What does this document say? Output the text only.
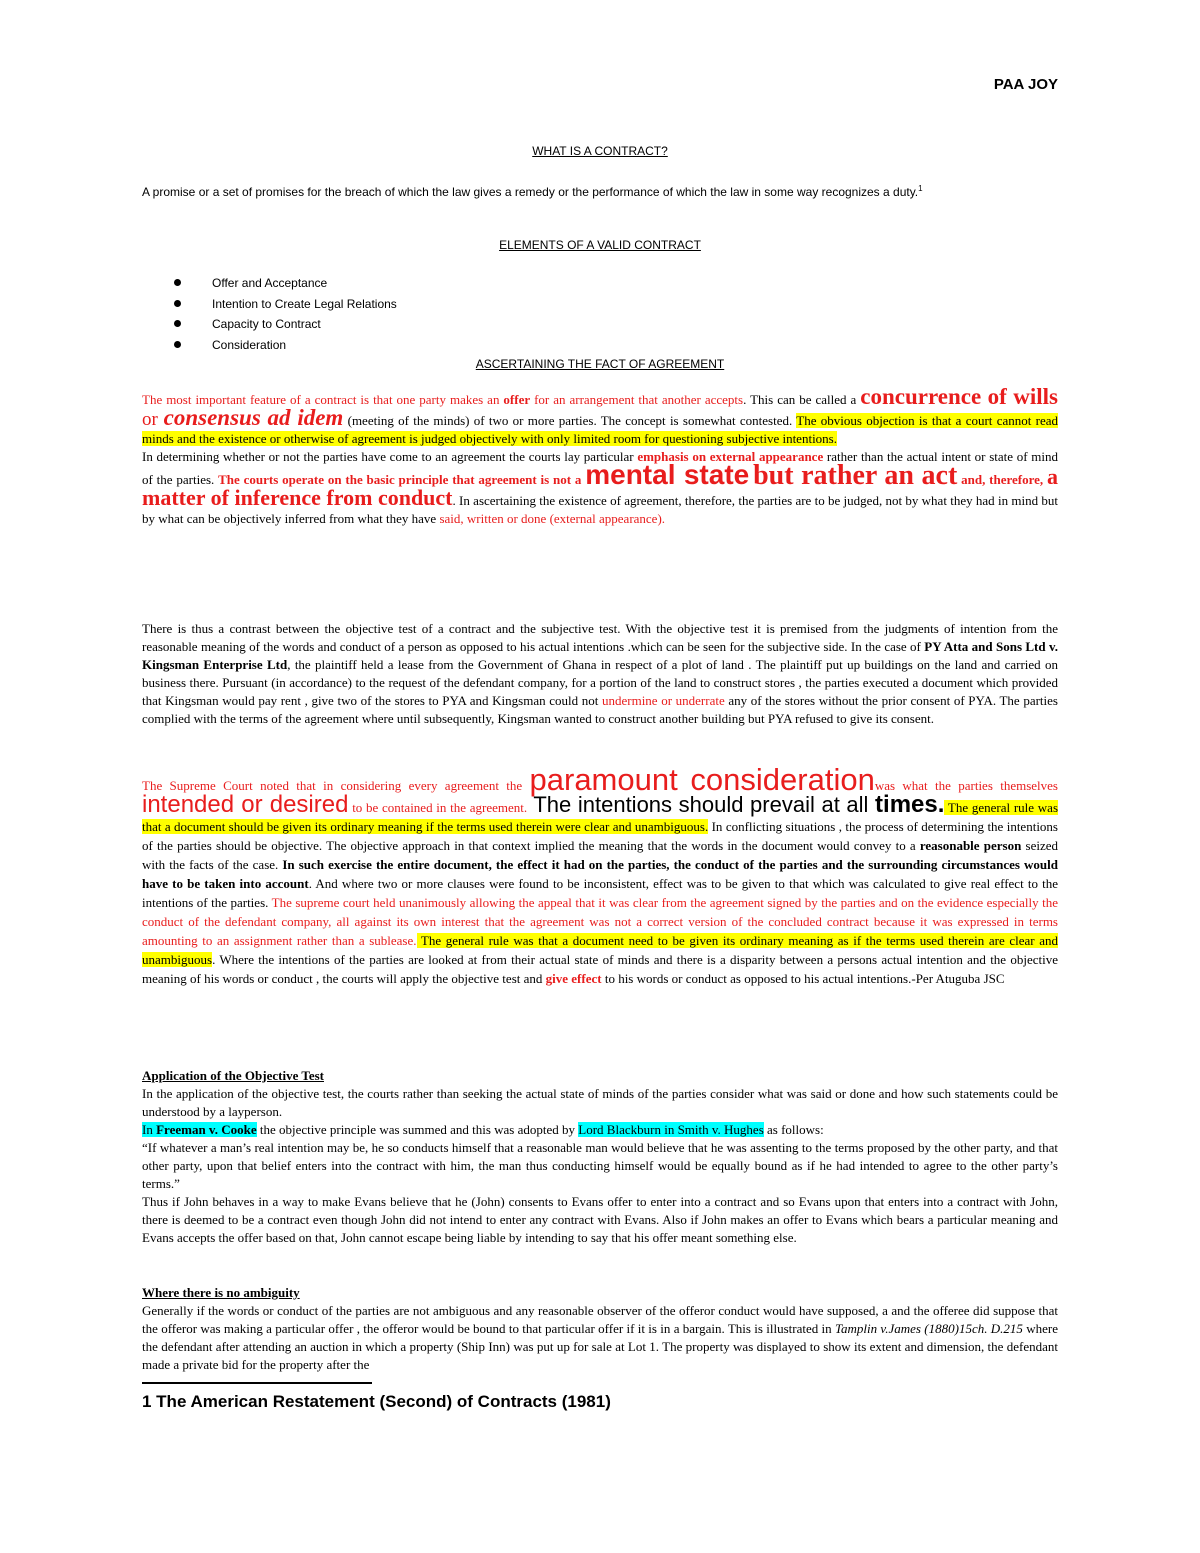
PAA JOY
WHAT IS A CONTRACT?
A promise or a set of promises for the breach of which the law gives a remedy or the performance of which the law in some way recognizes a duty.$^1$
ELEMENTS OF A VALID CONTRACT
Offer and Acceptance
Intention to Create Legal Relations
Capacity to Contract
Consideration
ASCERTAINING THE FACT OF AGREEMENT
The most important feature of a contract is that one party makes an offer for an arrangement that another accepts. This can be called a concurrence of wills or consensus ad idem (meeting of the minds) of two or more parties. The concept is somewhat contested. The obvious objection is that a court cannot read minds and the existence or otherwise of agreement is judged objectively with only limited room for questioning subjective intentions.
In determining whether or not the parties have come to an agreement the courts lay particular emphasis on external appearance rather than the actual intent or state of mind of the parties. The courts operate on the basic principle that agreement is not a mental state but rather an act and, therefore, a matter of inference from conduct. In ascertaining the existence of agreement, therefore, the parties are to be judged, not by what they had in mind but by what can be objectively inferred from what they have said, written or done (external appearance).
There is thus a contrast between the objective test of a contract and the subjective test. With the objective test it is premised from the judgments of intention from the reasonable meaning of the words and conduct of a person as opposed to his actual intentions .which can be seen for the subjective side. In the case of PY Atta and Sons Ltd v. Kingsman Enterprise Ltd, the plaintiff held a lease from the Government of Ghana in respect of a plot of land . The plaintiff put up buildings on the land and carried on business there. Pursuant (in accordance) to the request of the defendant company, for a portion of the land to construct stores , the parties executed a document which provided that Kingsman would pay rent , give two of the stores to PYA and Kingsman could not undermine or underrate any of the stores without the prior consent of PYA. The parties complied with the terms of the agreement where until subsequently, Kingsman wanted to construct another building but PYA refused to give its consent.
The Supreme Court noted that in considering every agreement the paramount considerationwas what the parties themselves intended or desired to be contained in the agreement. The intentions should prevail at all times. The general rule was that a document should be given its ordinary meaning if the terms used therein were clear and unambiguous. In conflicting situations , the process of determining the intentions of the parties should be objective. The objective approach in that context implied the meaning that the words in the document would convey to a reasonable person seized with the facts of the case. In such exercise the entire document, the effect it had on the parties, the conduct of the parties and the surrounding circumstances would have to be taken into account. And where two or more clauses were found to be inconsistent, effect was to be given to that which was calculated to give real effect to the intentions of the parties. The supreme court held unanimously allowing the appeal that it was clear from the agreement signed by the parties and on the evidence especially the conduct of the defendant company, all against its own interest that the agreement was not a correct version of the concluded contract because it was expressed in terms amounting to an assignment rather than a sublease. The general rule was that a document need to be given its ordinary meaning as if the terms used therein are clear and unambiguous. Where the intentions of the parties are looked at from their actual state of minds and there is a disparity between a persons actual intention and the objective meaning of his words or conduct , the courts will apply the objective test and give effect to his words or conduct as opposed to his actual intentions.-Per Atuguba JSC
Application of the Objective Test
In the application of the objective test, the courts rather than seeking the actual state of minds of the parties consider what was said or done and how such statements could be understood by a layperson.
In Freeman v. Cooke the objective principle was summed and this was adopted by Lord Blackburn in Smith v. Hughes as follows:
“If whatever a man’s real intention may be, he so conducts himself that a reasonable man would believe that he was assenting to the terms proposed by the other party, and that other party, upon that belief enters into the contract with him, the man thus conducting himself would be equally bound as if he had intended to agree to the other party’s terms.”
Thus if John behaves in a way to make Evans believe that he (John) consents to Evans offer to enter into a contract and so Evans upon that enters into a contract with John, there is deemed to be a contract even though John did not intend to enter any contract with Evans. Also if John makes an offer to Evans which bears a particular meaning and Evans accepts the offer based on that, John cannot escape being liable by intending to say that his offer meant something else.
Where there is no ambiguity
Generally if the words or conduct of the parties are not ambiguous and any reasonable observer of the offeror conduct would have supposed, a and the offeree did suppose that the offeror was making a particular offer , the offeror would be bound to that particular offer if it is in a bargain. This is illustrated in Tamplin v.James (1880)15ch. D.215 where the defendant after attending an auction in which a property (Ship Inn) was put up for sale at Lot 1. The property was displayed to show its extent and dimension, the defendant made a private bid for the property after the
1 The American Restatement (Second) of Contracts (1981)
